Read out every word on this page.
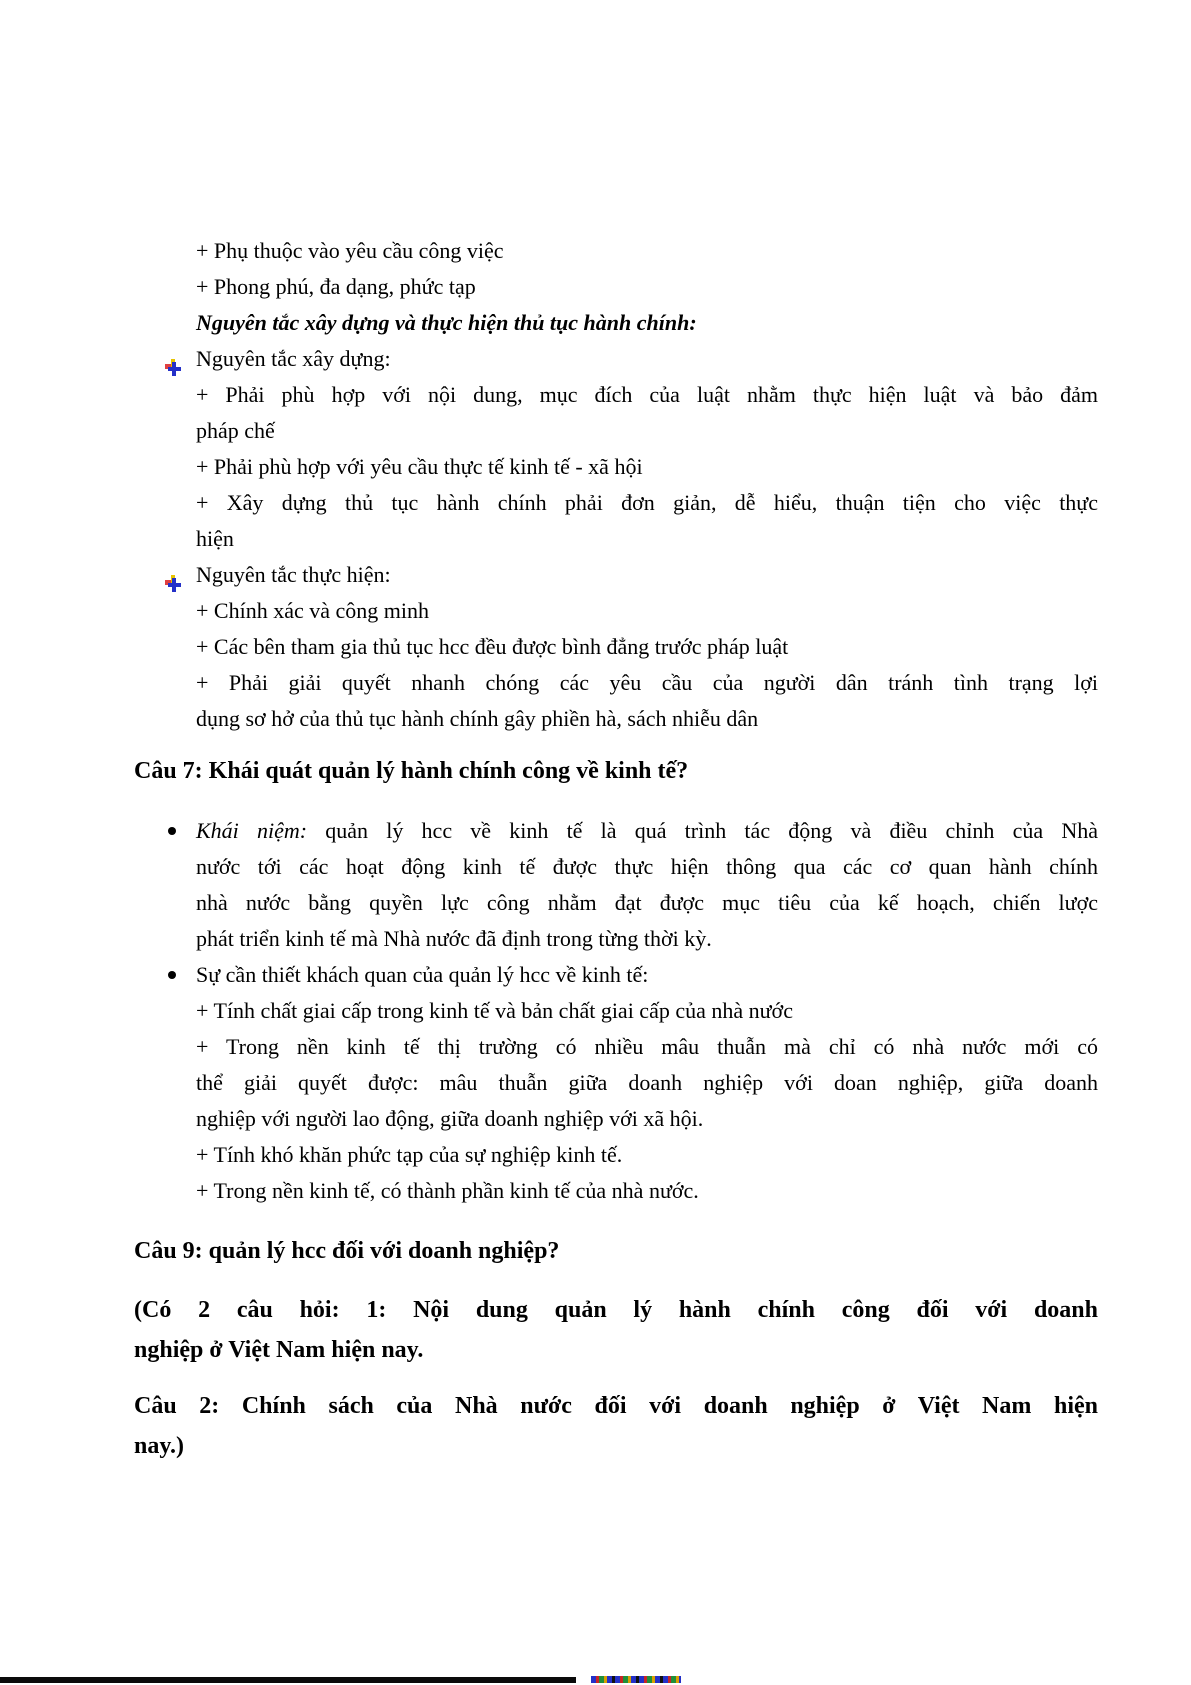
+ Phụ thuộc vào yêu cầu công việc
+ Phong phú, đa dạng, phức tạp
Nguyên tắc xây dựng và thực hiện thủ tục hành chính:
Nguyên tắc xây dựng:
+ Phải phù hợp với nội dung, mục đích của luật nhằm thực hiện luật và bảo đảm
pháp chế
+ Phải phù hợp với yêu cầu thực tế kinh tế - xã hội
+ Xây dựng thủ tục hành chính phải đơn giản, dễ hiểu, thuận tiện cho việc thực
hiện
Nguyên tắc thực hiện:
+ Chính xác và công minh
+ Các bên tham gia thủ tục hcc đều được bình đẳng trước pháp luật
+ Phải giải quyết nhanh chóng các yêu cầu của người dân tránh tình trạng lợi
dụng sơ hở của thủ tục hành chính gây phiền hà, sách nhiễu dân
Câu 7: Khái quát quản lý hành chính công về kinh tế?
Khái niệm: quản lý hcc về kinh tế là quá trình tác động và điều chỉnh của Nhà
nước tới các hoạt động kinh tế được thực hiện thông qua các cơ quan hành chính
nhà nước bằng quyền lực công nhằm đạt được mục tiêu của kế hoạch, chiến lược
phát triển kinh tế mà Nhà nước đã định trong từng thời kỳ.
Sự cần thiết khách quan của quản lý hcc về kinh tế:
+ Tính chất giai cấp trong kinh tế và bản chất giai cấp của nhà nước
+ Trong nền kinh tế thị trường có nhiều mâu thuẫn mà chỉ có nhà nước mới có
thể giải quyết được: mâu thuẫn giữa doanh nghiệp với doan nghiệp, giữa doanh
nghiệp với người lao động, giữa doanh nghiệp với xã hội.
+ Tính khó khăn phức tạp của sự nghiệp kinh tế.
+ Trong nền kinh tế, có thành phần kinh tế của nhà nước.
Câu 9: quản lý hcc đối với doanh nghiệp?
(Có 2 câu hỏi: 1: Nội dung quản lý hành chính công đối với doanh
nghiệp ở Việt Nam hiện nay.
Câu 2: Chính sách của Nhà nước đối với doanh nghiệp ở Việt Nam hiện
nay.)
